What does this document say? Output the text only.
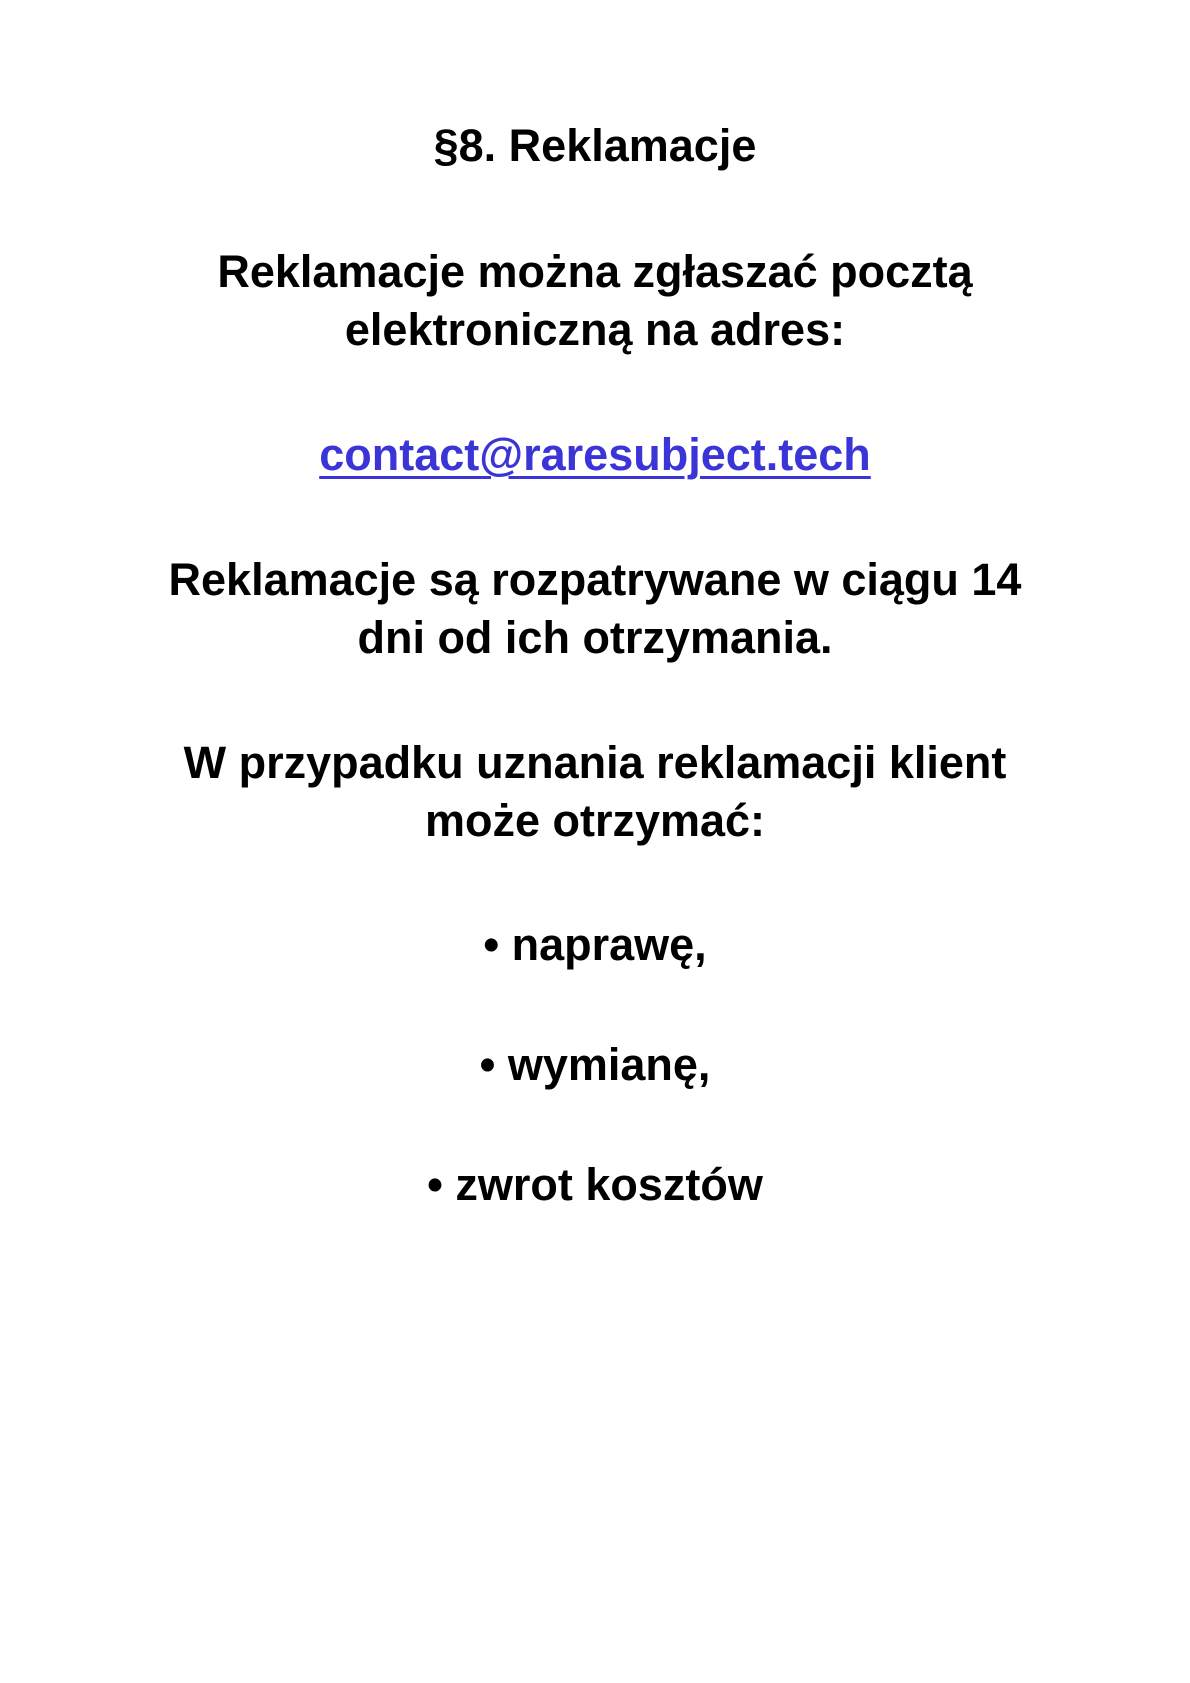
§8. Reklamacje
Reklamacje można zgłaszać pocztą
elektroniczną na adres:
contact@raresubject.tech
Reklamacje są rozpatrywane w ciągu 14
dni od ich otrzymania.
W przypadku uznania reklamacji klient
może otrzymać:
• naprawę,
• wymianę,
• zwrot kosztów
